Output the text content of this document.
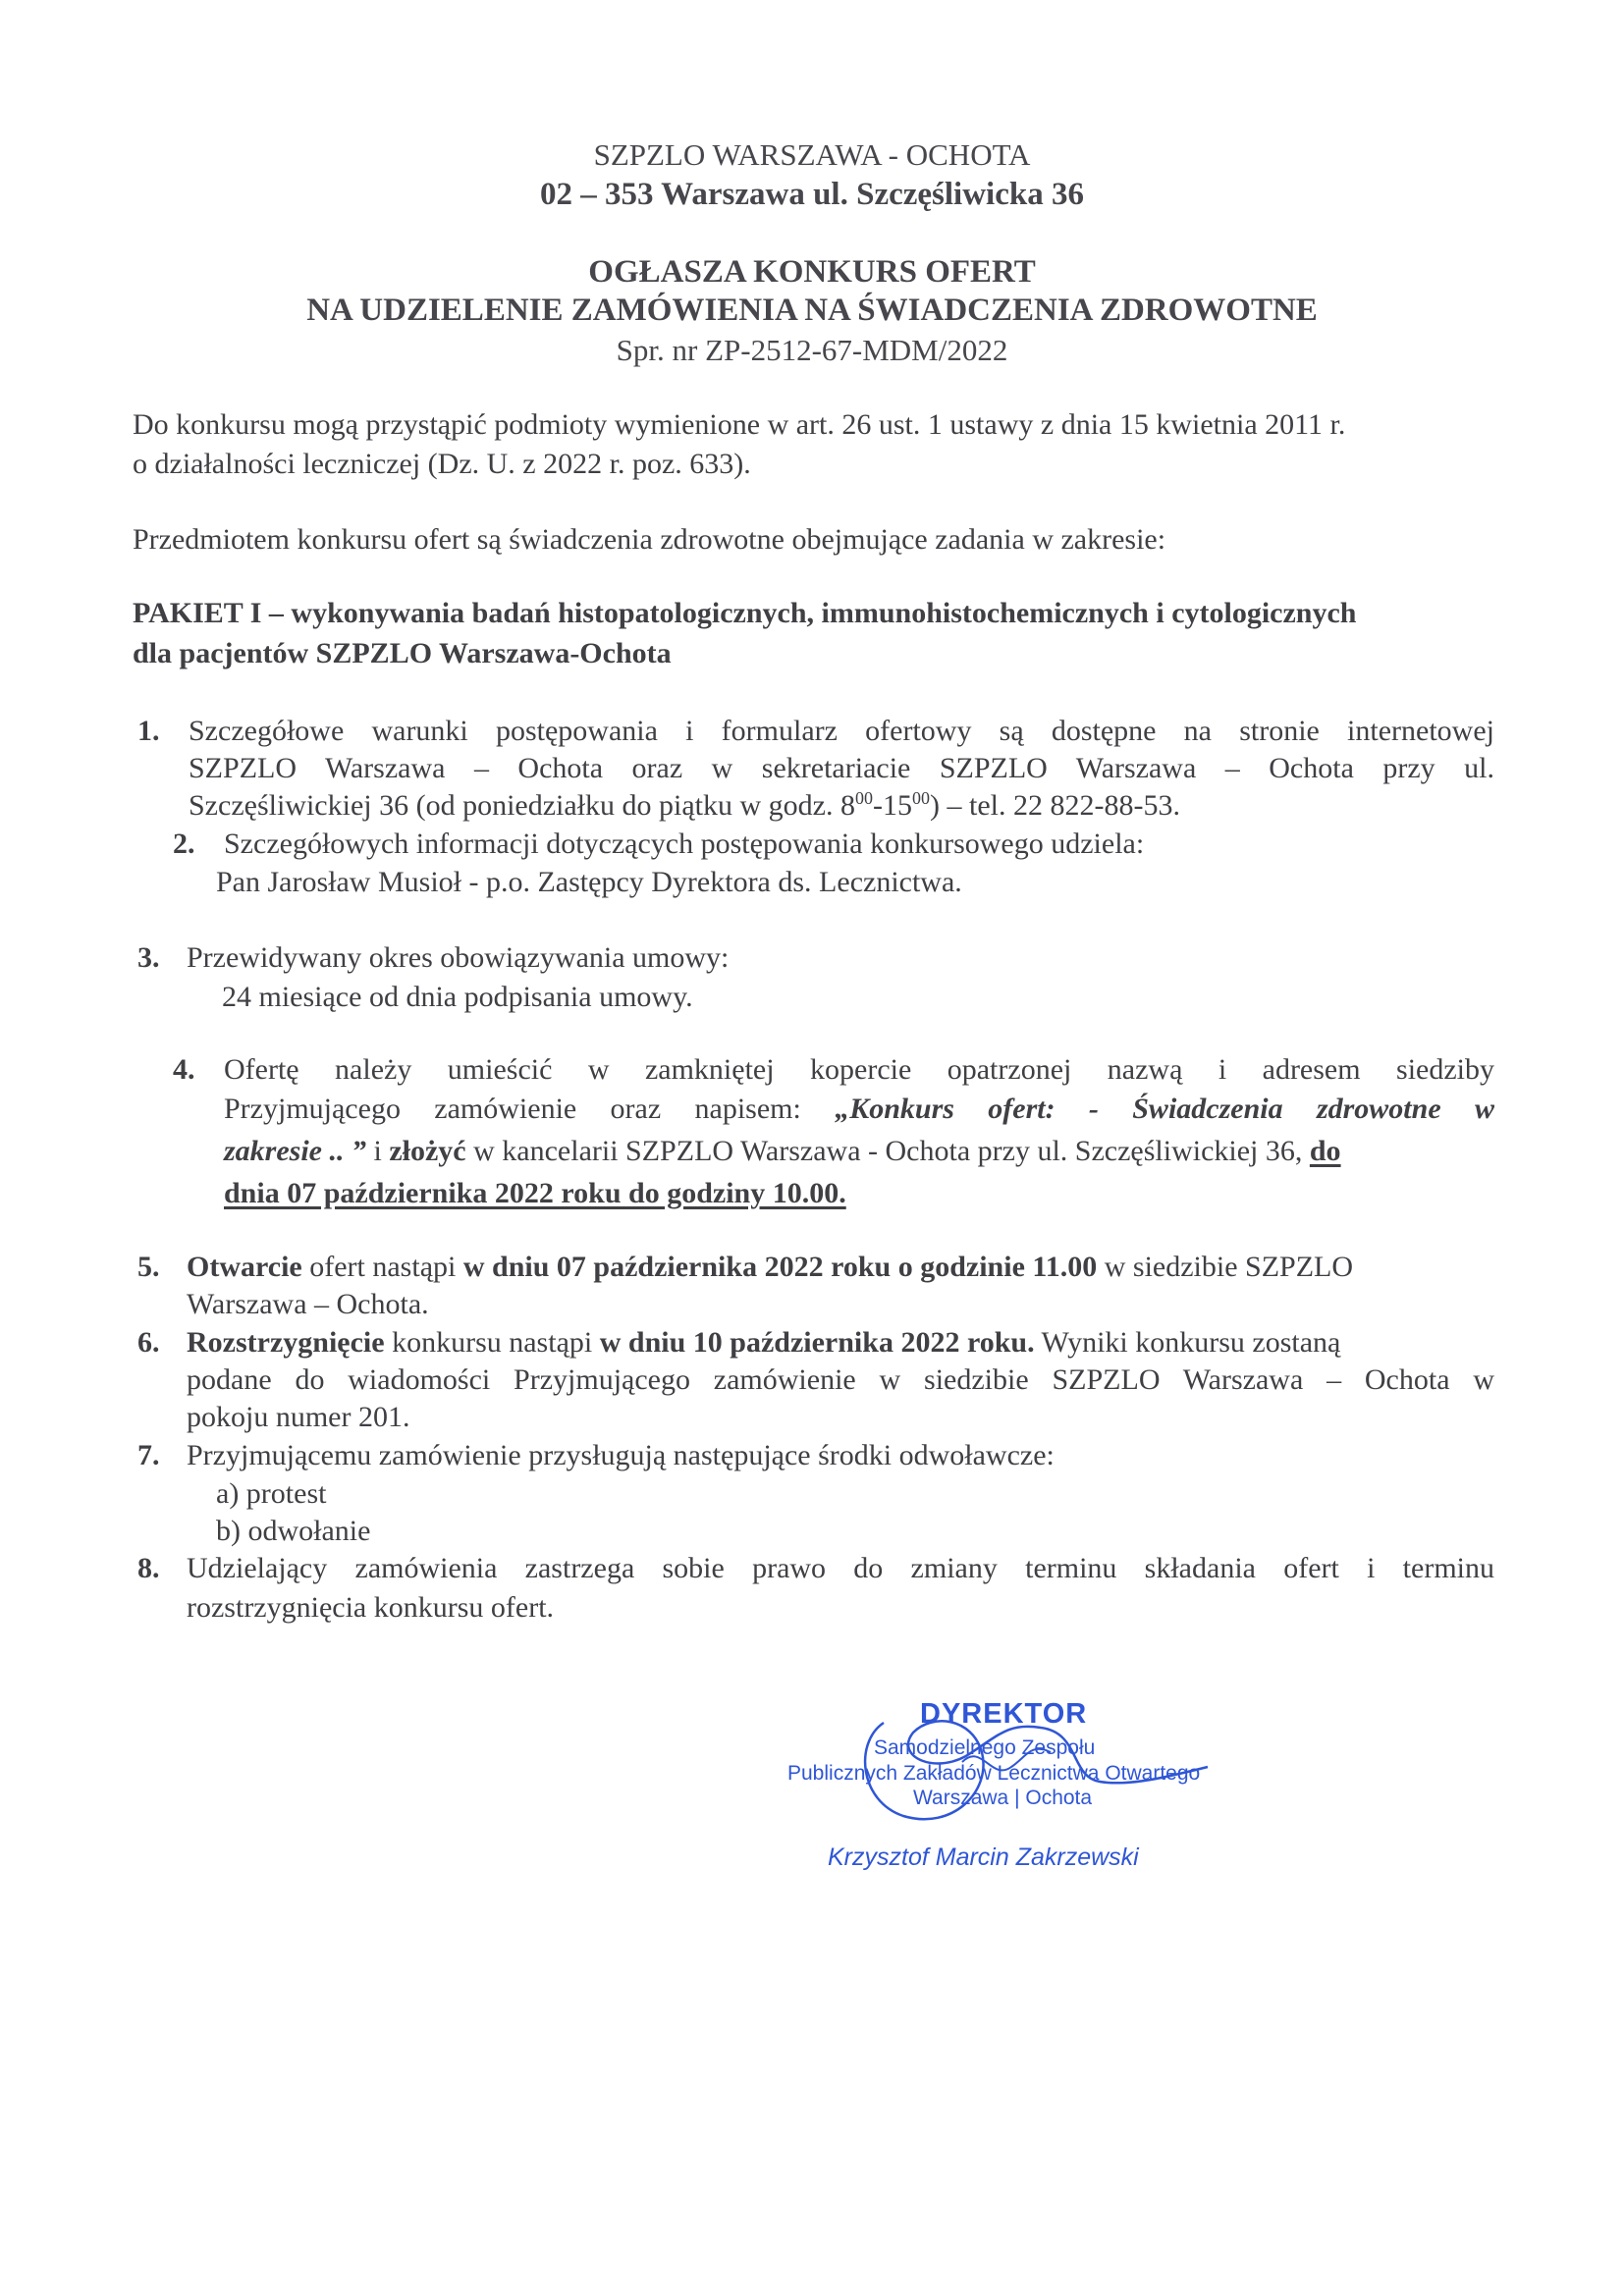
SZPZLO WARSZAWA - OCHOTA
02 – 353 Warszawa ul. Szczęśliwicka 36
OGŁASZA KONKURS OFERT
NA UDZIELENIE ZAMÓWIENIA NA ŚWIADCZENIA ZDROWOTNE
Spr. nr ZP-2512-67-MDM/2022
Do konkursu mogą przystąpić podmioty wymienione w art. 26 ust. 1 ustawy z dnia 15 kwietnia 2011 r.
o działalności leczniczej (Dz. U. z 2022 r. poz. 633).
Przedmiotem konkursu ofert są świadczenia zdrowotne obejmujące zadania w zakresie:
PAKIET I – wykonywania badań histopatologicznych, immunohistochemicznych i cytologicznych
dla pacjentów SZPZLO Warszawa-Ochota
1. Szczegółowe warunki postępowania i formularz ofertowy są dostępne na stronie internetowej
SZPZLO Warszawa – Ochota oraz w sekretariacie SZPZLO Warszawa – Ochota przy ul.
Szczęśliwickiej 36 (od poniedziałku do piątku w godz. $8^{00}-15^{00}$) – tel. 22 822-88-53.
2. Szczegółowych informacji dotyczących postępowania konkursowego udziela:
Pan Jarosław Musioł - p.o. Zastępcy Dyrektora ds. Lecznictwa.
3. Przewidywany okres obowiązywania umowy:
24 miesiące od dnia podpisania umowy.
4. Ofertę należy umieścić w zamkniętej kopercie opatrzonej nazwą i adresem siedziby
Przyjmującego zamówienie oraz napisem: „Konkurs ofert: - Świadczenia zdrowotne w
zakresie .. ” i złożyć w kancelarii SZPZLO Warszawa - Ochota przy ul. Szczęśliwickiej 36, do
dnia 07 października 2022 roku do godziny 10.00.
5. Otwarcie ofert nastąpi w dniu 07 października 2022 roku o godzinie 11.00 w siedzibie SZPZLO
Warszawa – Ochota.
6. Rozstrzygnięcie konkursu nastąpi w dniu 10 października 2022 roku. Wyniki konkursu zostaną
podane do wiadomości Przyjmującego zamówienie w siedzibie SZPZLO Warszawa – Ochota w
pokoju numer 201.
7. Przyjmującemu zamówienie przysługują następujące środki odwoławcze:
a) protest
b) odwołanie
8. Udzielający zamówienia zastrzega sobie prawo do zmiany terminu składania ofert i terminu
rozstrzygnięcia konkursu ofert.
DYREKTOR
Samodzielnego Zespołu
Publicznych Zakładów Lecznictwa Otwartego
Warszawa | Ochota
Krzysztof Marcin Zakrzewski
